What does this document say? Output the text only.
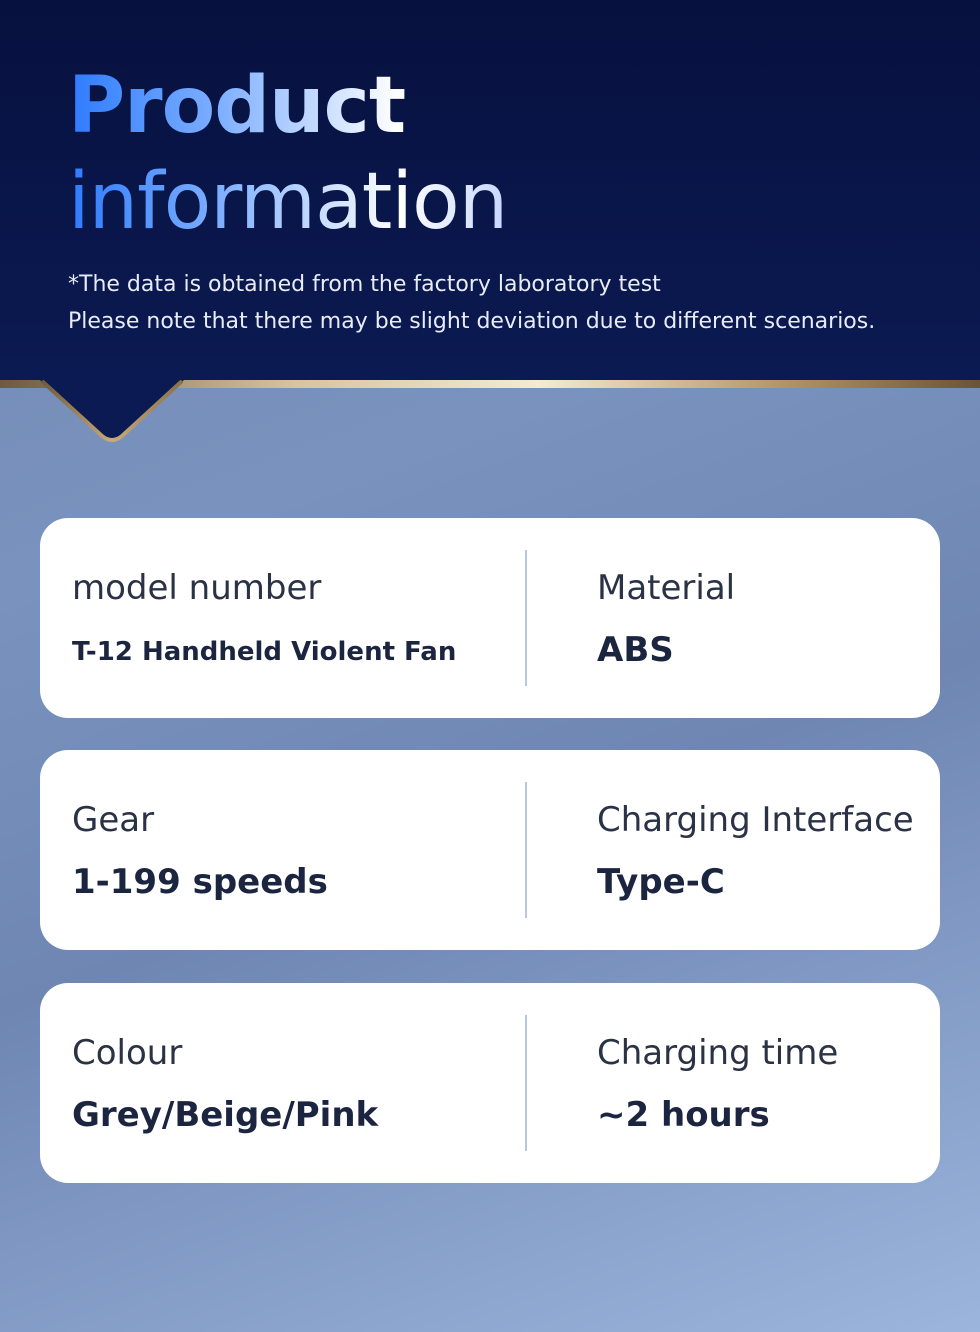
Product
information
*The data is obtained from the factory laboratory test
Please note that there may be slight deviation due to different scenarios.

model number

T-12 Handheld Violent Fan

Material

ABS

Gear

1-199 speeds

Charging Interface

Type-C

Colour

Grey/Beige/Pink

Charging time

~2 hours
